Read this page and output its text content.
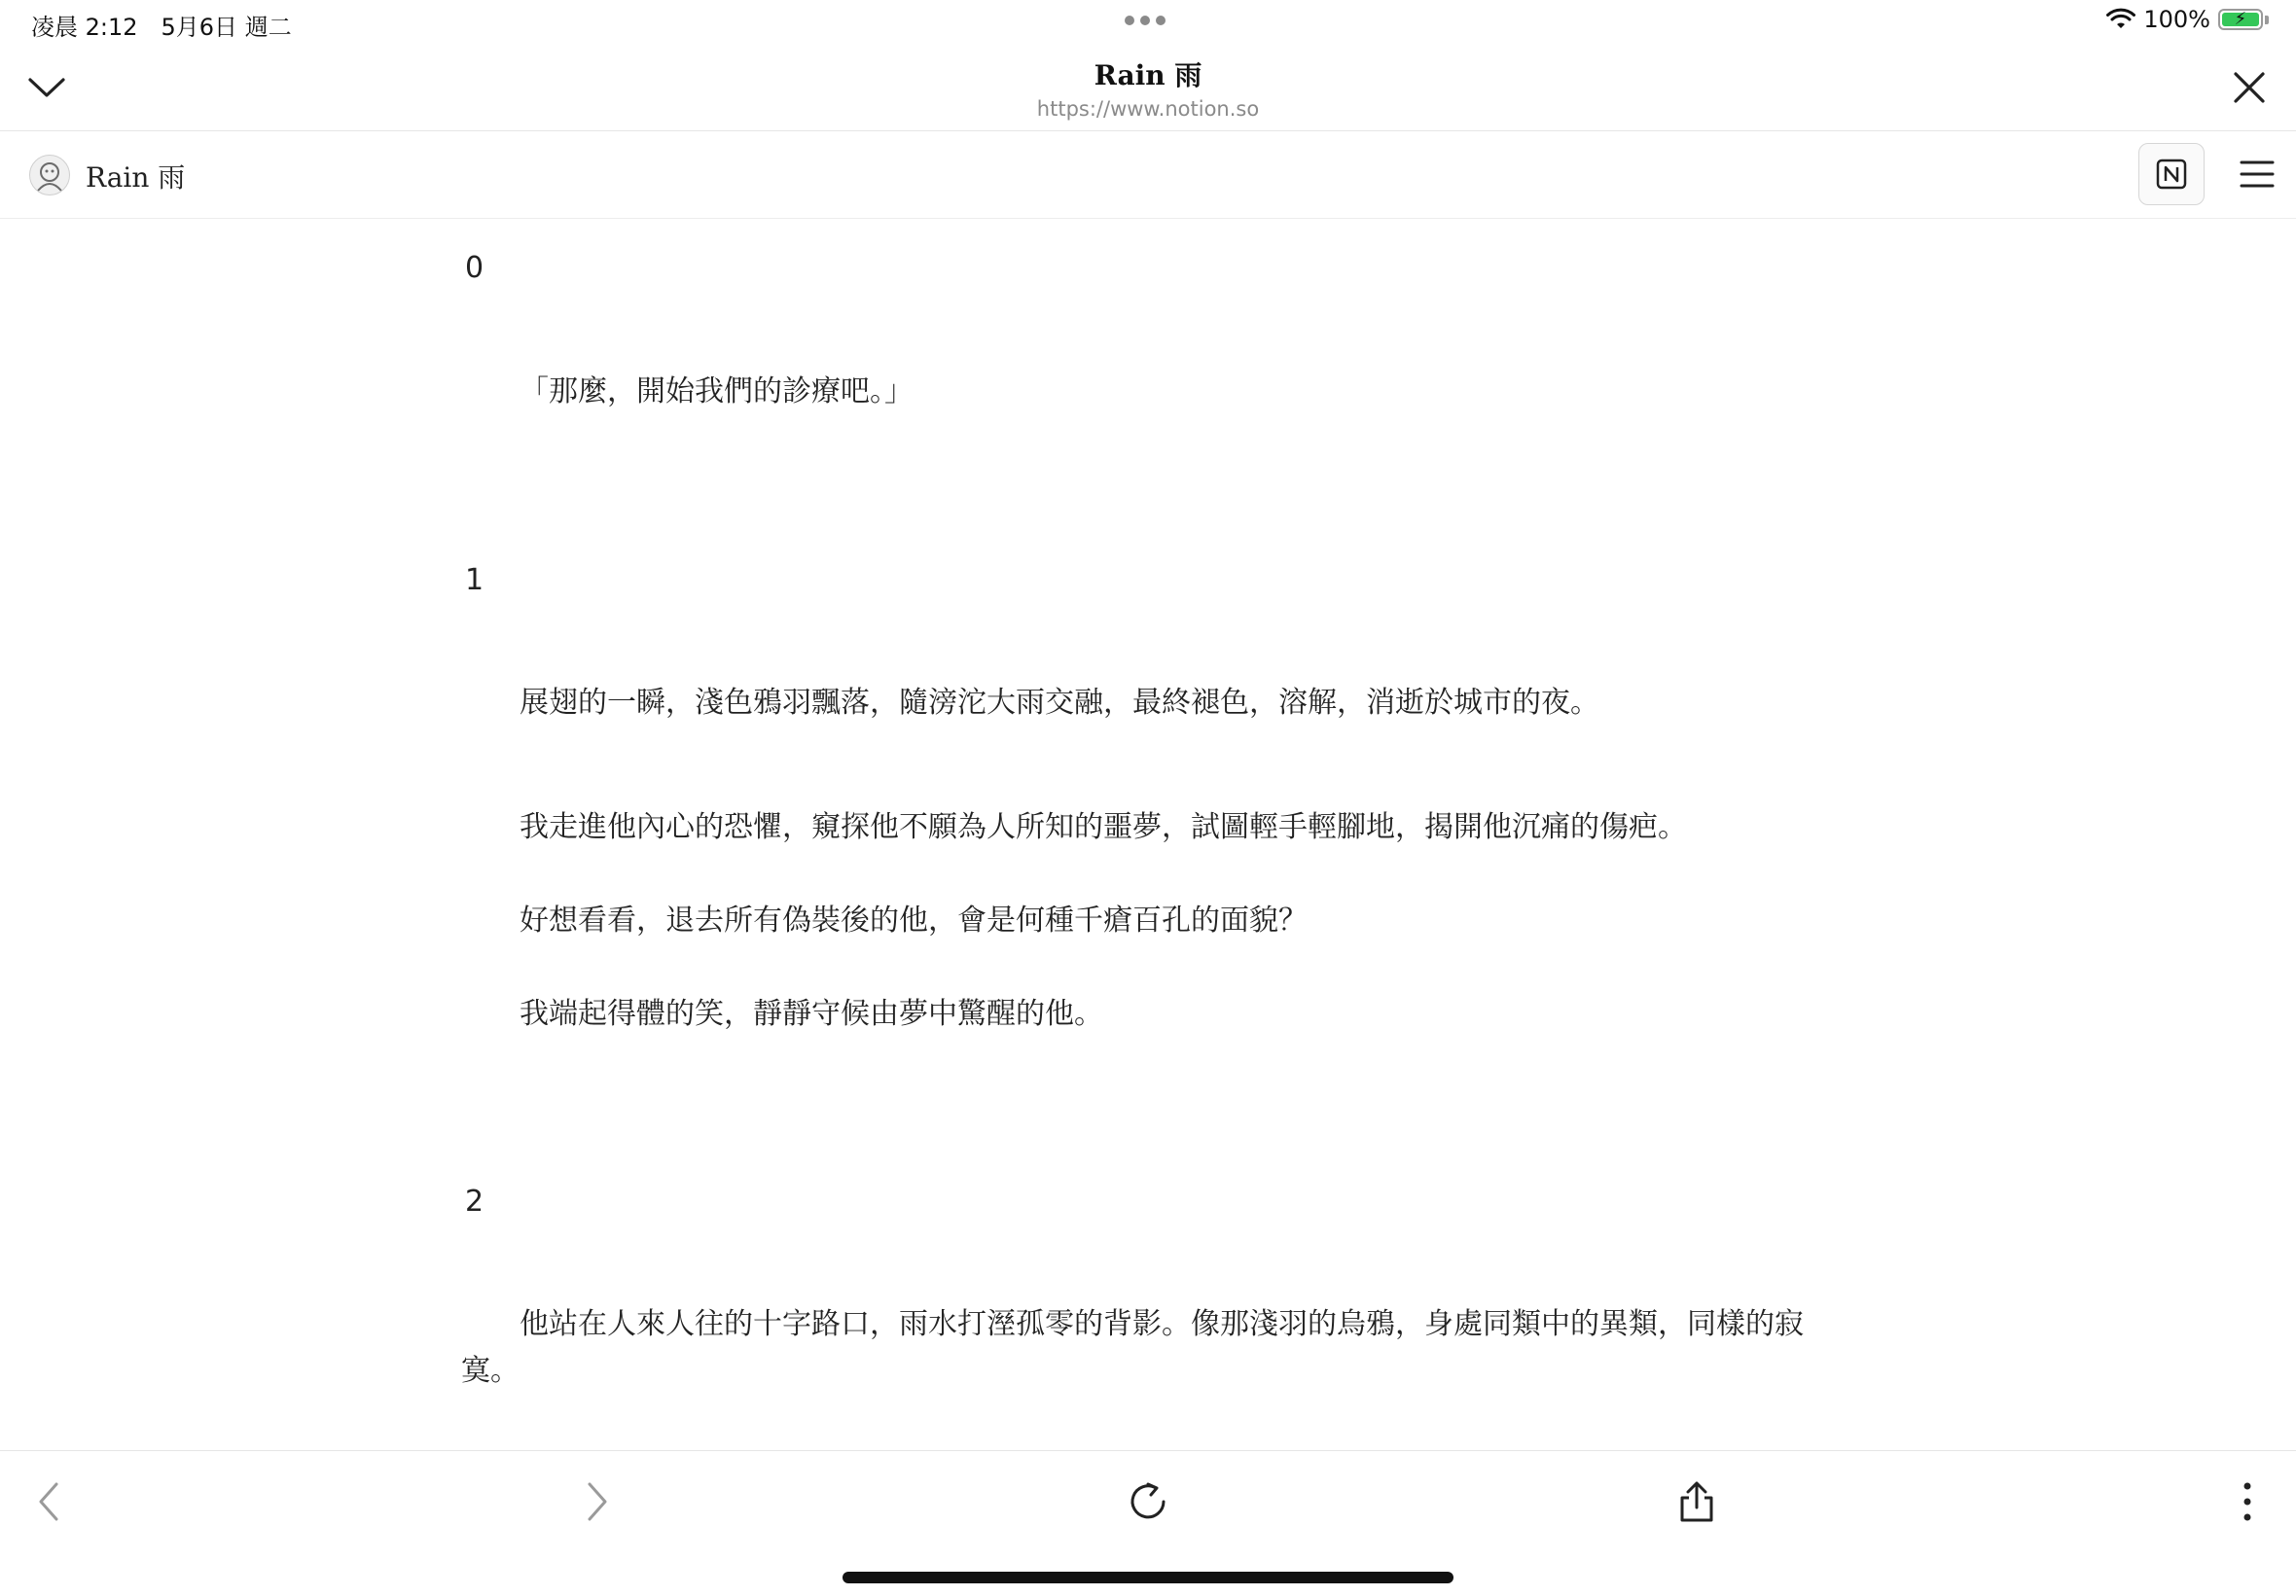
凌晨 2:12　5月6日 週二	100%	⚡
Rain 雨
https://www.notion.so
Rain 雨
0
「那麼，開始我們的診療吧。」
1
展翅的一瞬，淺色鴉羽飄落，隨滂沱大雨交融，最終褪色，溶解，消逝於城市的夜。
我走進他內心的恐懼，窺探他不願為人所知的噩夢，試圖輕手輕腳地，揭開他沉痛的傷疤。
好想看看，退去所有偽裝後的他，會是何種千瘡百孔的面貌？
我端起得體的笑，靜靜守候由夢中驚醒的他。
2
他站在人來人往的十字路口，雨水打溼孤零的背影。像那淺羽的烏鴉，身處同類中的異類，同樣的寂寞。
